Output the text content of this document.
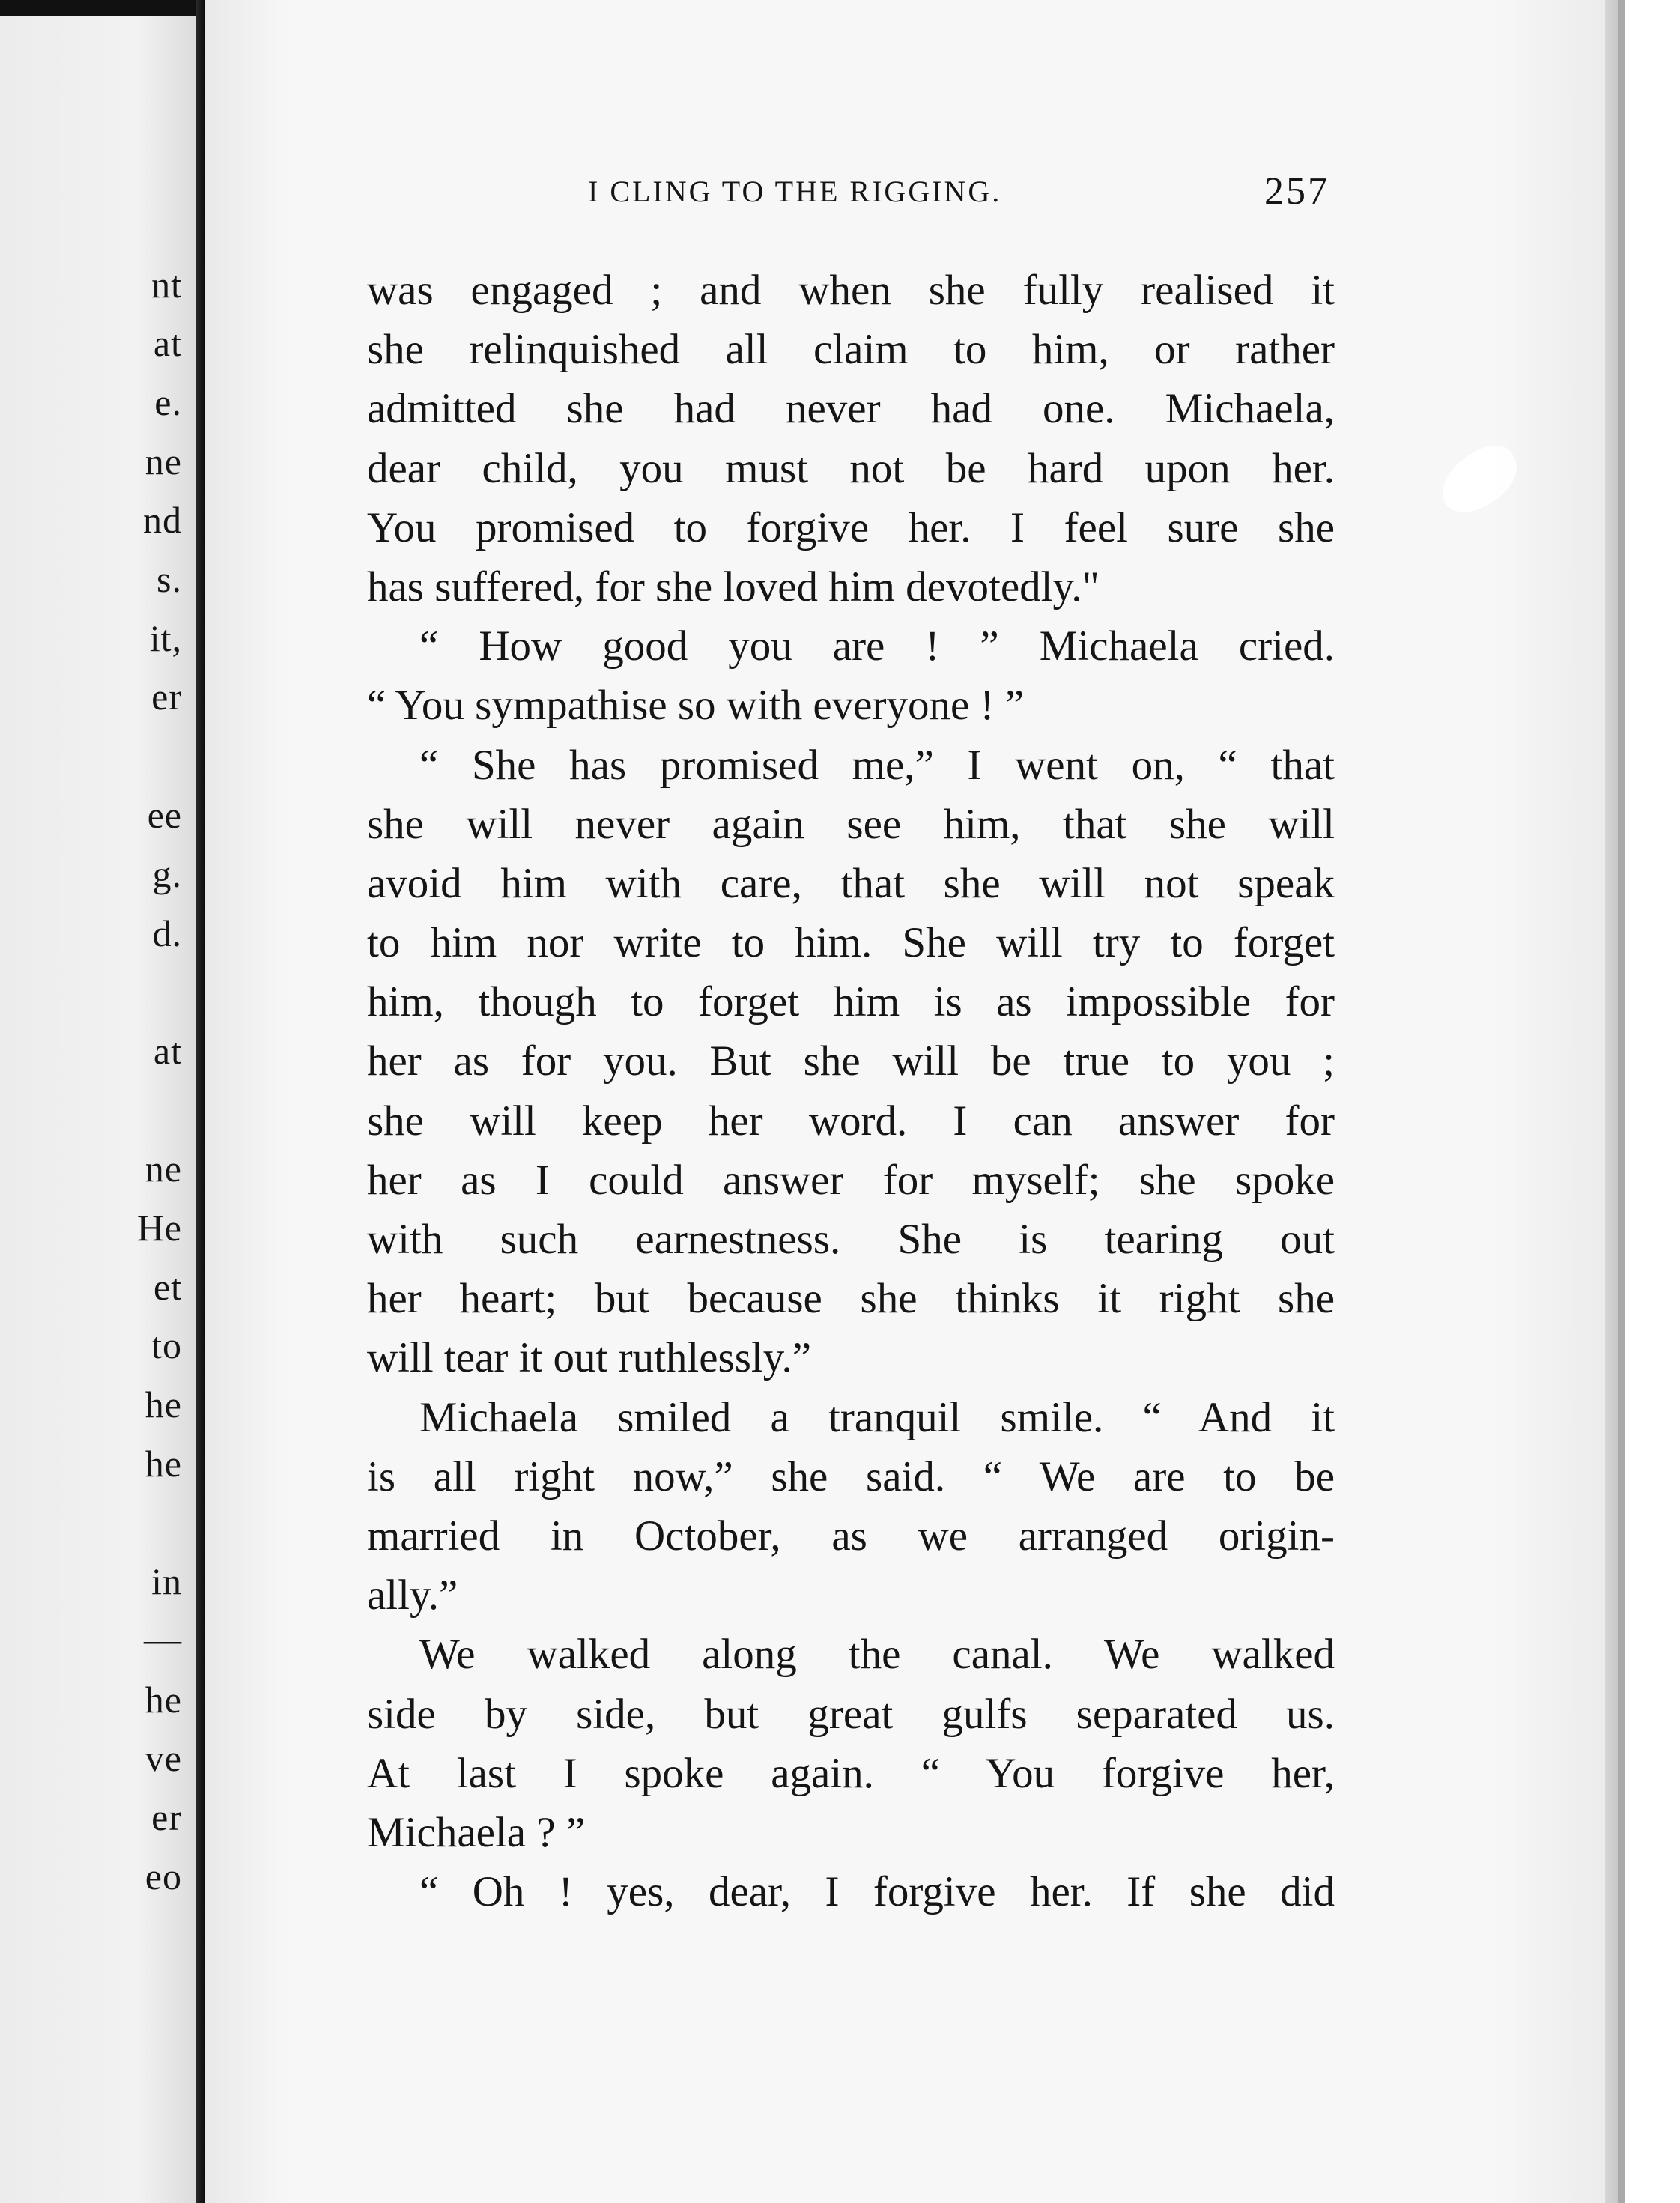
nt
at
e.
ne
nd
s.
it,
er
ee
g.
d.
at
ne
He
et
to
he
he
in
—
he
ve
er
eo
I CLING TO THE RIGGING.	257
was engaged ; and when she fully realised it
she relinquished all claim to him, or rather
admitted she had never had one. Michaela,
dear child, you must not be hard upon her.
You promised to forgive her. I feel sure she
has suffered, for she loved him devotedly."
“ How good you are ! ” Michaela cried.
“ You sympathise so with everyone ! ”
“ She has promised me,” I went on, “ that
she will never again see him, that she will
avoid him with care, that she will not speak
to him nor write to him. She will try to forget
him, though to forget him is as impossible for
her as for you. But she will be true to you ;
she will keep her word. I can answer for
her as I could answer for myself; she spoke
with such earnestness. She is tearing out
her heart; but because she thinks it right she
will tear it out ruthlessly.”
Michaela smiled a tranquil smile. “ And it
is all right now,” she said. “ We are to be
married in October, as we arranged origin-
ally.”
We walked along the canal. We walked
side by side, but great gulfs separated us.
At last I spoke again. “ You forgive her,
Michaela ? ”
“ Oh ! yes, dear, I forgive her. If she did
